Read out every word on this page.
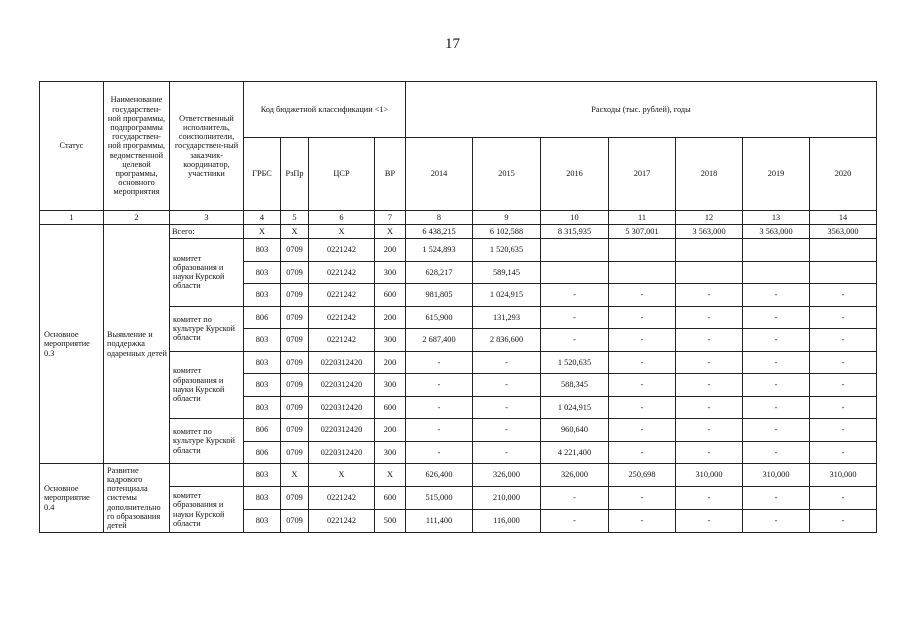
17
Статус	Наименование государствен-ной программы, подпрограммы государствен-ной программы, ведомственной целевой программы, основного мероприятия	Ответственный исполнитель, соисполнители, государствен-ный заказчик-координатор, участники	Код бюджетной классификации <1>				Расходы (тыс. рублей), годы						
			ГРБС	РзПр	ЦСР	ВР	2014	2015	2016	2017	2018	2019	2020
1	2	3	4	5	6	7	8	9	10	11	12	13	14
Основное мероприятие 0.3	Выявление и поддержка одаренных детей	Всего:	X	X	X	X	6 438,215	6 102,588	8 315,935	5 307,001	3 563,000	3 563,000	3563,000
		комитет образования и науки Курской области	803	0709	0221242	200	1 524,893	1 520,635					
			803	0709	0221242	300	628,217	589,145					
			803	0709	0221242	600	981,805	1 024,915	-	-	-	-	-
		комитет по культуре Курской области	806	0709	0221242	200	615,900	131,293	-	-	-	-	-
			803	0709	0221242	300	2 687,400	2 836,600	-	-	-	-	-
		комитет образования и науки Курской области	803	0709	0220312420	200	-	-	1 520,635	-	-	-	-
			803	0709	0220312420	300	-	-	588,345	-	-	-	-
			803	0709	0220312420	600	-	-	1 024,915	-	-	-	-
		комитет по культуре Курской области	806	0709	0220312420	200	-	-	960,640	-	-	-	-
			806	0709	0220312420	300	-	-	4 221,400	-	-	-	-
Основное мероприятие 0.4	Развитие кадрового потенциала системы дополнительно го образования детей		803	X	X	X	626,400	326,000	326,000	250,698	310,000	310,000	310,000
		комитет образования и науки Курской области	803	0709	0221242	600	515,000	210,000	-	-	-	-	-
			803	0709	0221242	500	111,400	116,000	-	-	-	-	-
